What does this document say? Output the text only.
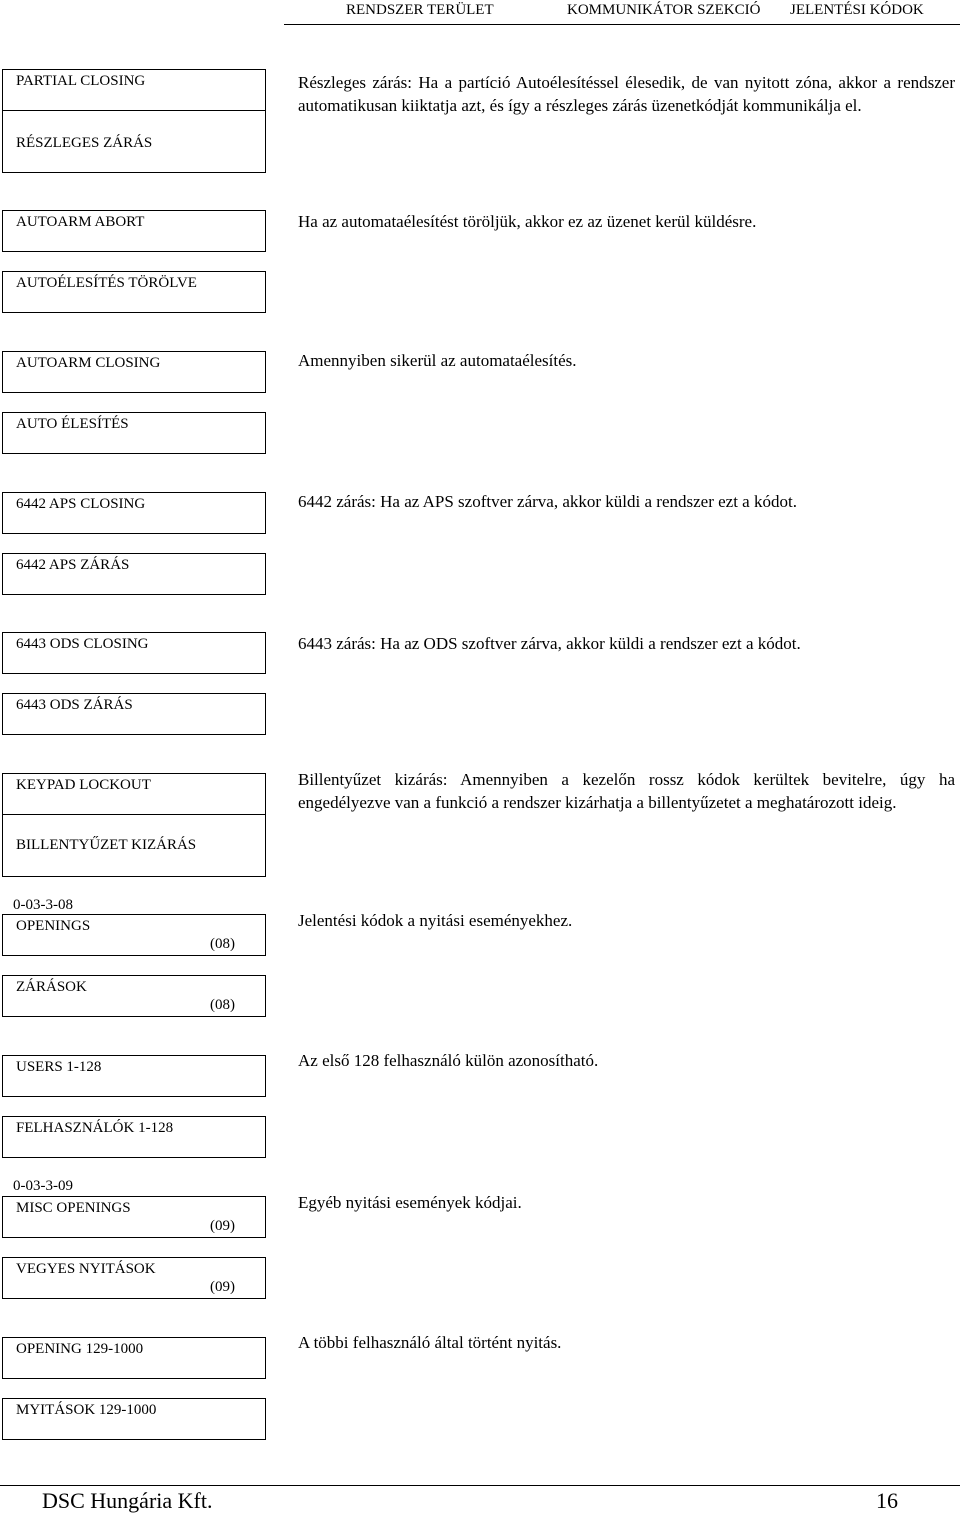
RENDSZER TERÜLET	KOMMUNIKÁTOR SZEKCIÓ JELENTÉSI KÓDOK
PARTIAL CLOSING
RÉSZLEGES ZÁRÁS
Részleges zárás: Ha a partíció Autoélesítéssel élesedik, de van nyitott zóna, akkor a rendszer automatikusan kiiktatja azt, és így a részleges zárás üzenetkódját kommunikálja el.
AUTOARM ABORT
AUTOÉLESÍTÉS TÖRÖLVE
Ha az automataélesítést töröljük, akkor ez az üzenet kerül küldésre.
AUTOARM CLOSING
AUTO ÉLESÍTÉS
Amennyiben sikerül az automataélesítés.
6442 APS CLOSING
6442 APS ZÁRÁS
6442 zárás: Ha az APS szoftver zárva, akkor küldi a rendszer ezt a kódot.
6443 ODS CLOSING
6443 ODS ZÁRÁS
6443 zárás: Ha az ODS szoftver zárva, akkor küldi a rendszer ezt a kódot.
KEYPAD LOCKOUT
BILLENTYŰZET KIZÁRÁS
Billentyűzet kizárás: Amennyiben a kezelőn rossz kódok kerültek bevitelre, úgy ha engedélyezve van a funkció a rendszer kizárhatja a billentyűzetet a meghatározott ideig.
0-03-3-08
OPENINGS
(08)
ZÁRÁSOK
(08)
Jelentési kódok a nyitási eseményekhez.
USERS 1-128
FELHASZNÁLÓK 1-128
Az első 128 felhasználó külön azonosítható.
0-03-3-09
MISC OPENINGS
(09)
VEGYES NYITÁSOK
(09)
Egyéb nyitási események kódjai.
OPENING 129-1000
MYITÁSOK 129-1000
A többi felhasználó által történt nyitás.
DSC Hungária Kft.	16
